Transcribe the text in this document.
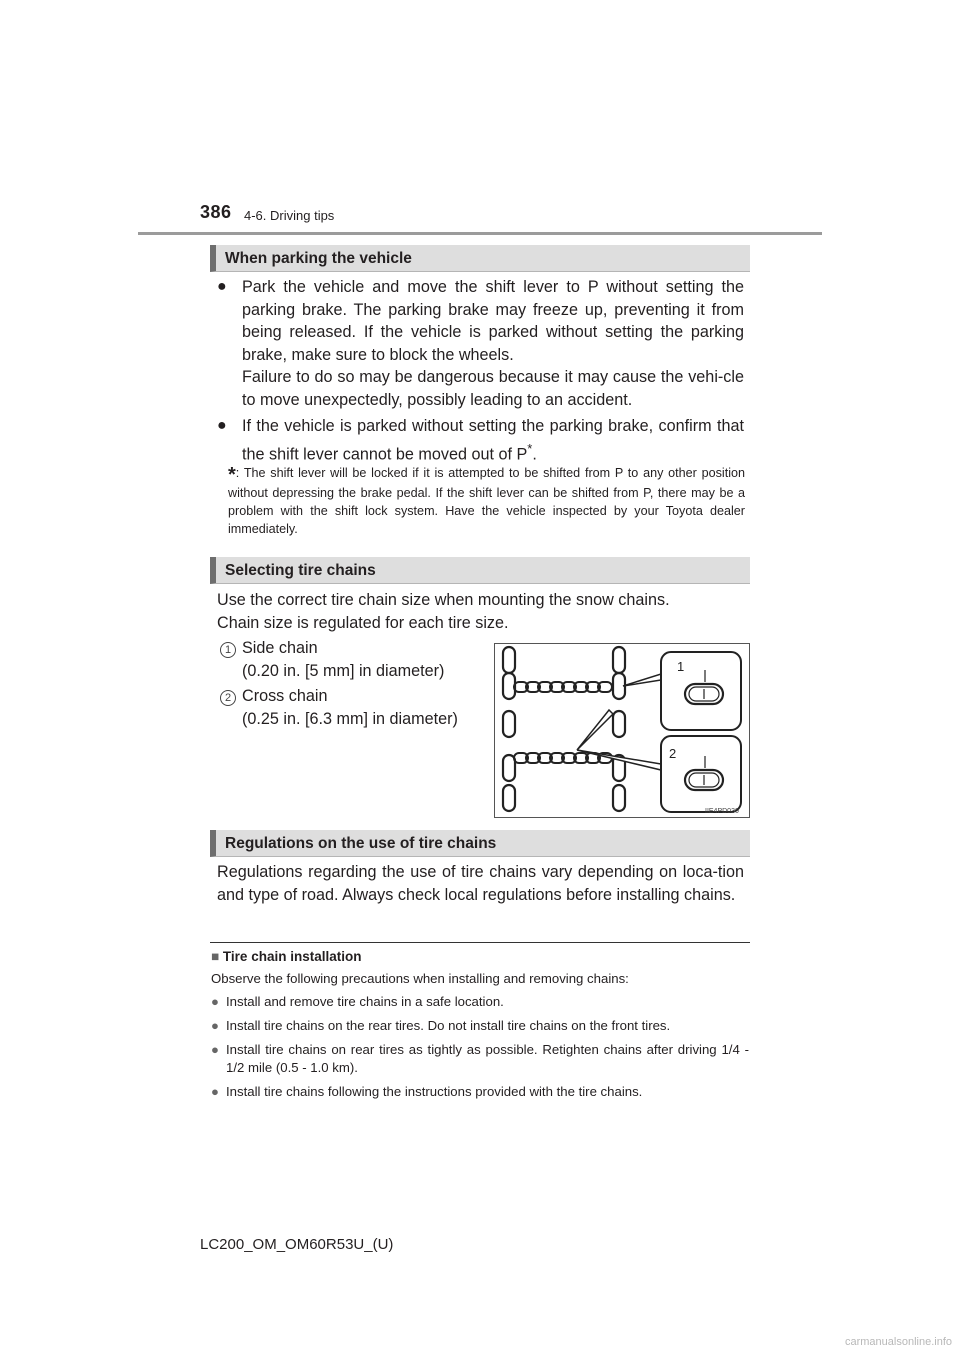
386 4-6. Driving tips
When parking the vehicle
● Park the vehicle and move the shift lever to P without setting the parking brake. The parking brake may freeze up, preventing it from being released. If the vehicle is parked without setting the parking brake, make sure to block the wheels.
Failure to do so may be dangerous because it may cause the vehi-cle to move unexpectedly, possibly leading to an accident.
● If the vehicle is parked without setting the parking brake, confirm that the shift lever cannot be moved out of P*.
*: The shift lever will be locked if it is attempted to be shifted from P to any other position without depressing the brake pedal. If the shift lever can be shifted from P, there may be a problem with the shift lock system. Have the vehicle inspected by your Toyota dealer immediately.
Selecting tire chains
Use the correct tire chain size when mounting the snow chains.
Chain size is regulated for each tire size.
1 Side chain
(0.20 in. [5 mm] in diameter)
2 Cross chain
(0.25 in. [6.3 mm] in diameter)
1
2
IIE4PD030
Regulations on the use of tire chains
Regulations regarding the use of tire chains vary depending on loca-tion and type of road. Always check local regulations before installing chains.
■ Tire chain installation
Observe the following precautions when installing and removing chains:
● Install and remove tire chains in a safe location.
● Install tire chains on the rear tires. Do not install tire chains on the front tires.
● Install tire chains on rear tires as tightly as possible. Retighten chains after driving 1/4 - 1/2 mile (0.5 - 1.0 km).
● Install tire chains following the instructions provided with the tire chains.
LC200_OM_OM60R53U_(U)
carmanualsonline.info
